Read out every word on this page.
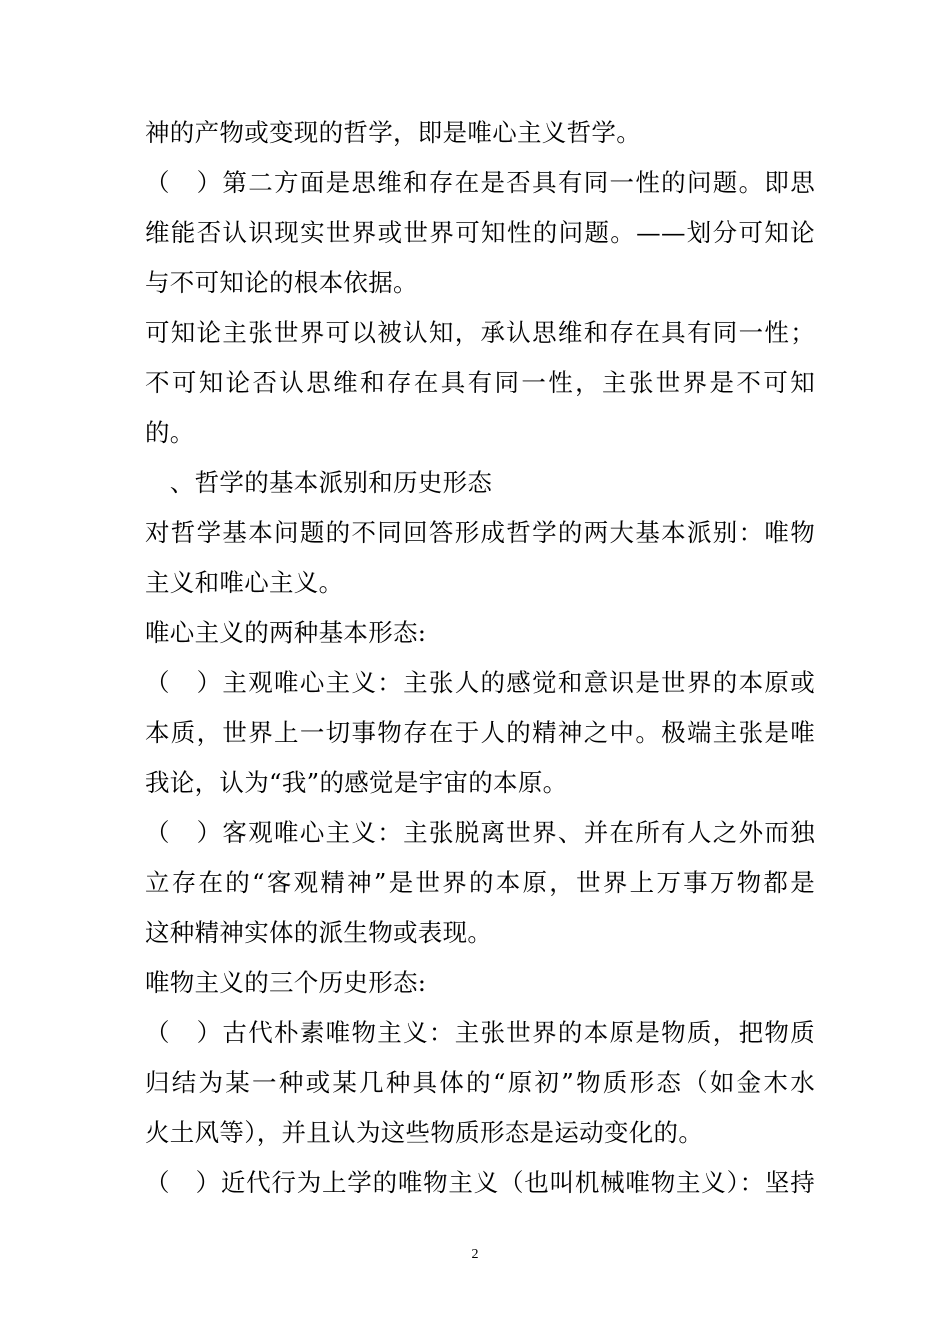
神的产物或变现的哲学，即是唯心主义哲学。
（　）第二方面是思维和存在是否具有同一性的问题。即思
维能否认识现实世界或世界可知性的问题。——划分可知论
与不可知论的根本依据。
可知论主张世界可以被认知，承认思维和存在具有同一性；
不可知论否认思维和存在具有同一性，主张世界是不可知
的。
　、哲学的基本派别和历史形态
对哲学基本问题的不同回答形成哲学的两大基本派别：唯物
主义和唯心主义。
唯心主义的两种基本形态:
（　）主观唯心主义：主张人的感觉和意识是世界的本原或
本质，世界上一切事物存在于人的精神之中。极端主张是唯
我论，认为“我”的感觉是宇宙的本原。
（　）客观唯心主义：主张脱离世界、并在所有人之外而独
立存在的“客观精神”是世界的本原，世界上万事万物都是
这种精神实体的派生物或表现。
唯物主义的三个历史形态:
（　）古代朴素唯物主义：主张世界的本原是物质，把物质
归结为某一种或某几种具体的“原初”物质形态（如金木水
火土风等），并且认为这些物质形态是运动变化的。
（　）近代行为上学的唯物主义（也叫机械唯物主义）：坚持
2
